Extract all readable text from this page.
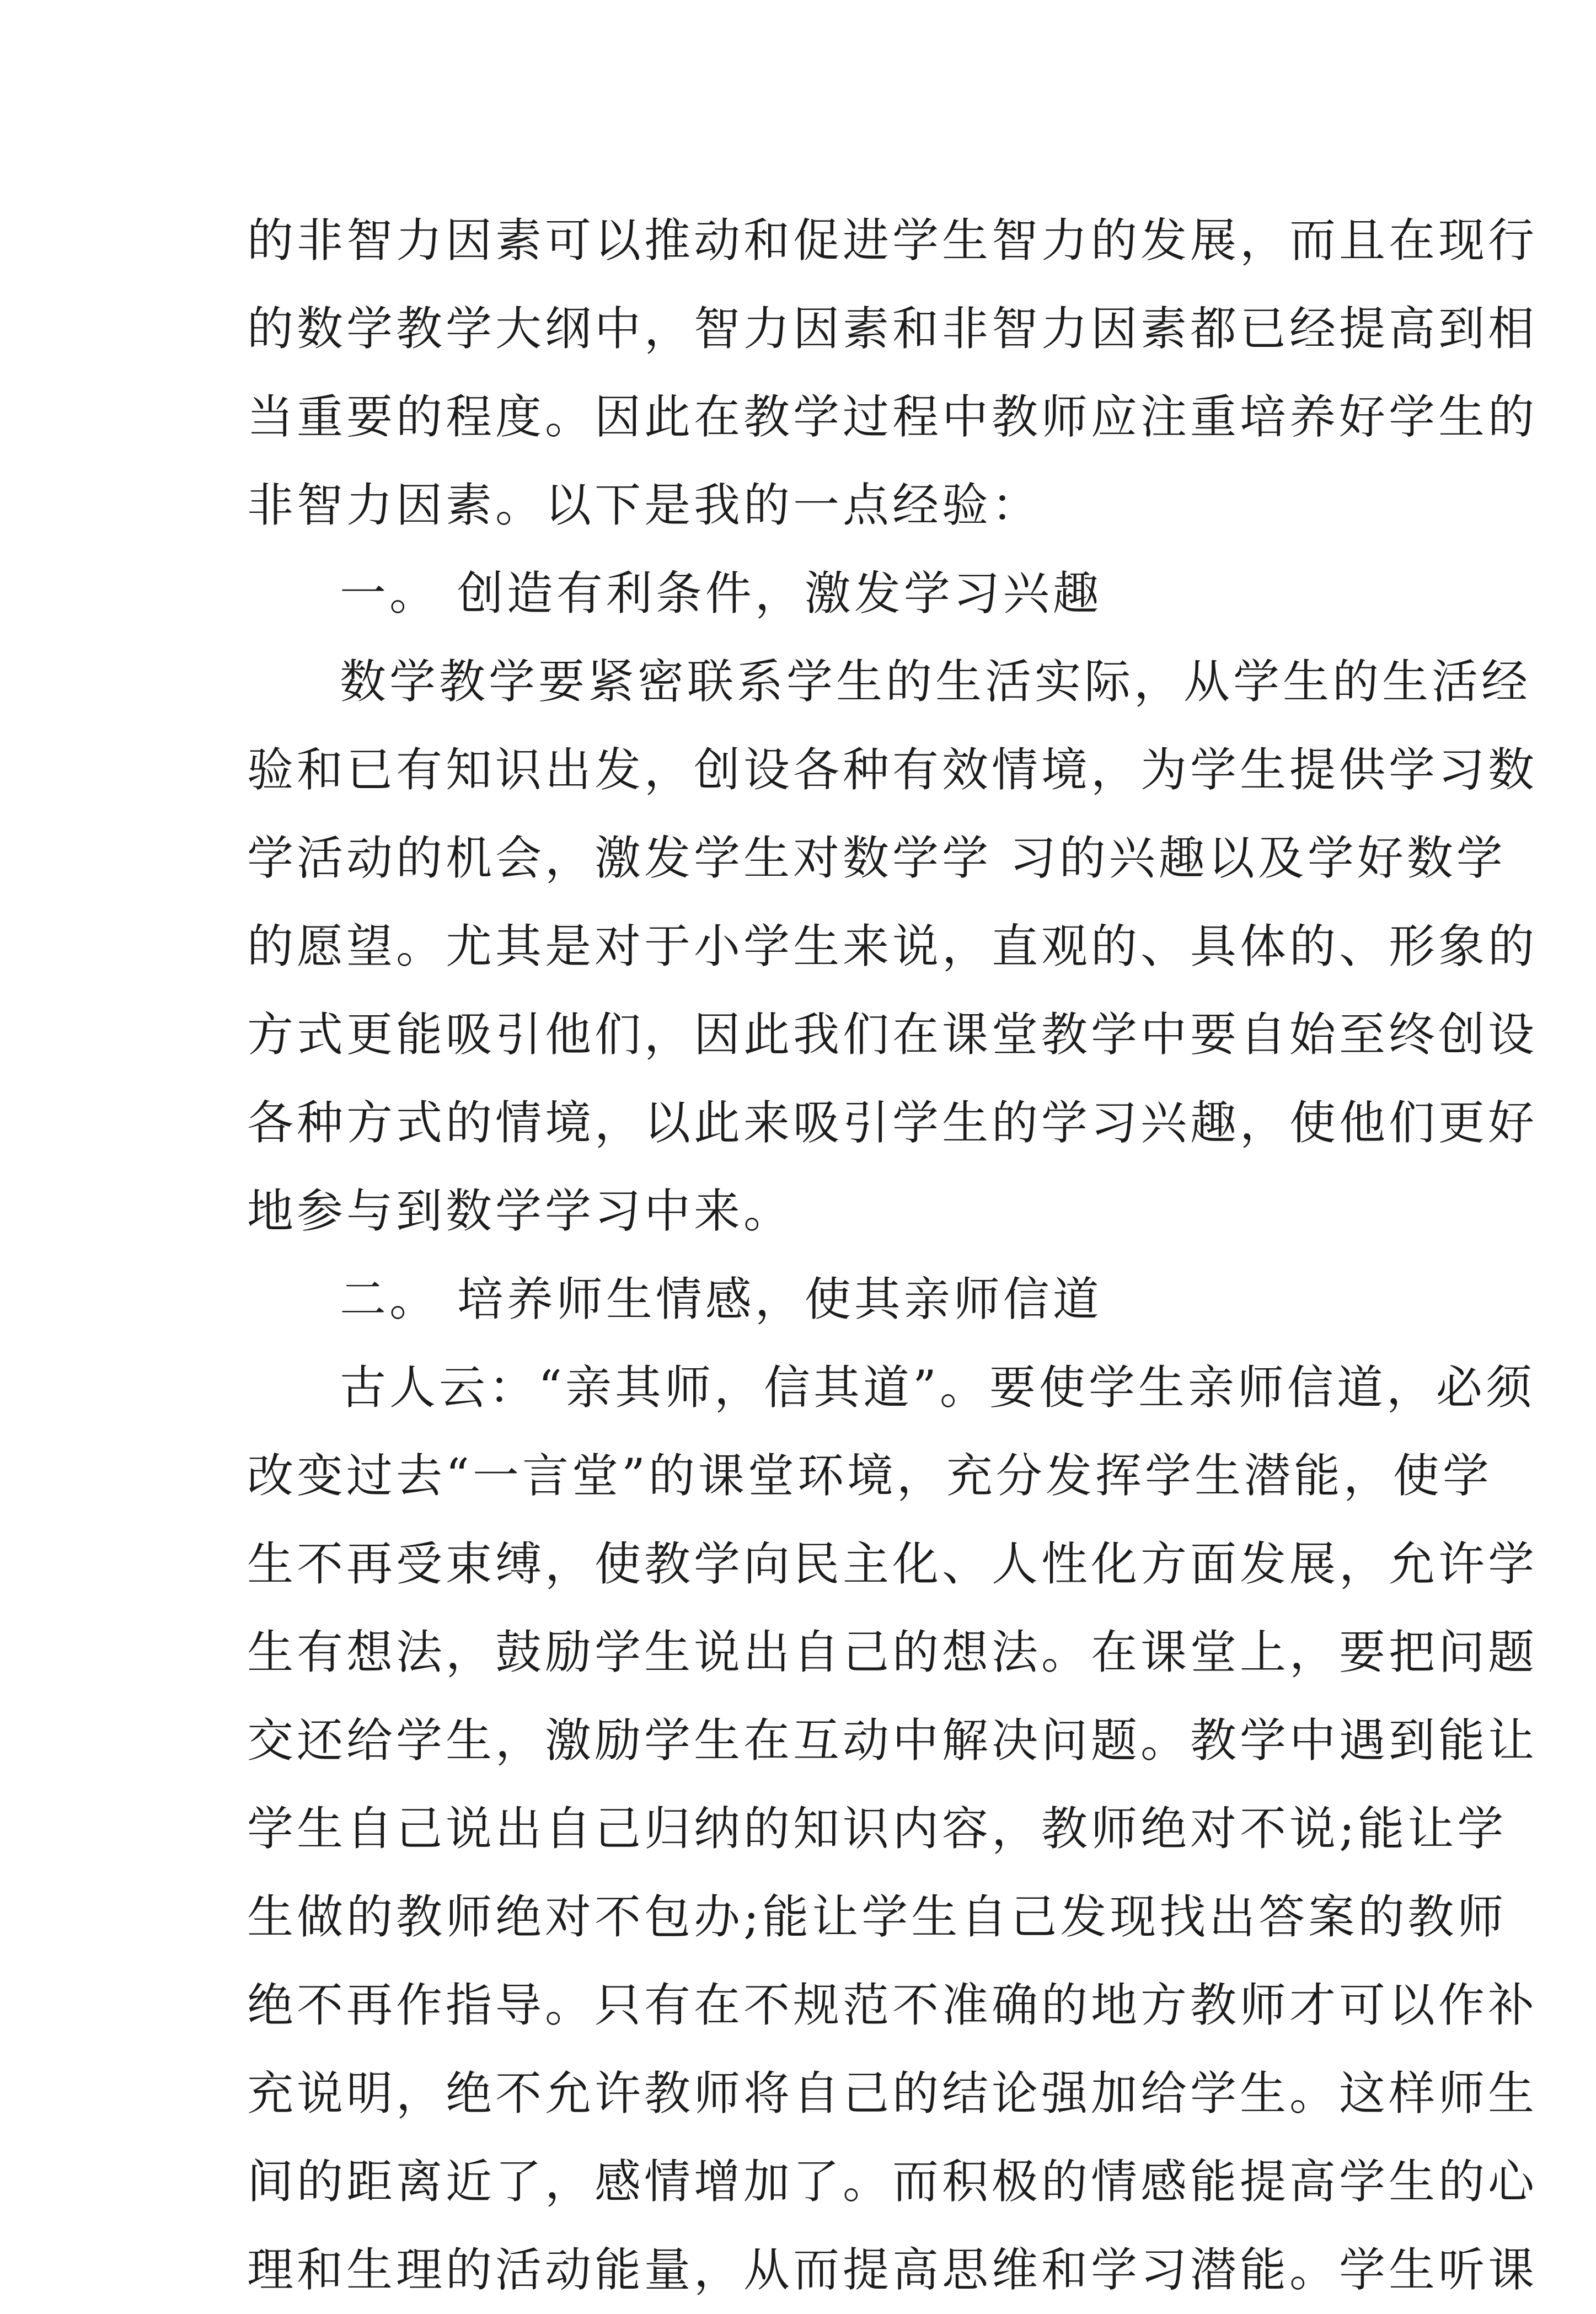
的非智力因素可以推动和促进学生智力的发展，而且在现行
的数学教学大纲中，智力因素和非智力因素都已经提高到相
当重要的程度。因此在教学过程中教师应注重培养好学生的
非智力因素。以下是我的一点经验：
一。 创造有利条件，激发学习兴趣
数学教学要紧密联系学生的生活实际，从学生的生活经
验和已有知识出发，创设各种有效情境，为学生提供学习数
学活动的机会，激发学生对数学学 习的兴趣以及学好数学
的愿望。尤其是对于小学生来说，直观的、具体的、形象的
方式更能吸引他们，因此我们在课堂教学中要自始至终创设
各种方式的情境，以此来吸引学生的学习兴趣，使他们更好
地参与到数学学习中来。
二。 培养师生情感，使其亲师信道
古人云：“亲其师，信其道”。要使学生亲师信道，必须
改变过去“一言堂”的课堂环境，充分发挥学生潜能，使学
生不再受束缚，使教学向民主化、人性化方面发展，允许学
生有想法，鼓励学生说出自己的想法。在课堂上，要把问题
交还给学生，激励学生在互动中解决问题。教学中遇到能让
学生自己说出自己归纳的知识内容，教师绝对不说;能让学
生做的教师绝对不包办;能让学生自己发现找出答案的教师
绝不再作指导。只有在不规范不准确的地方教师才可以作补
充说明，绝不允许教师将自己的结论强加给学生。这样师生
间的距离近了，感情增加了。而积极的情感能提高学生的心
理和生理的活动能量，从而提高思维和学习潜能。学生听课
